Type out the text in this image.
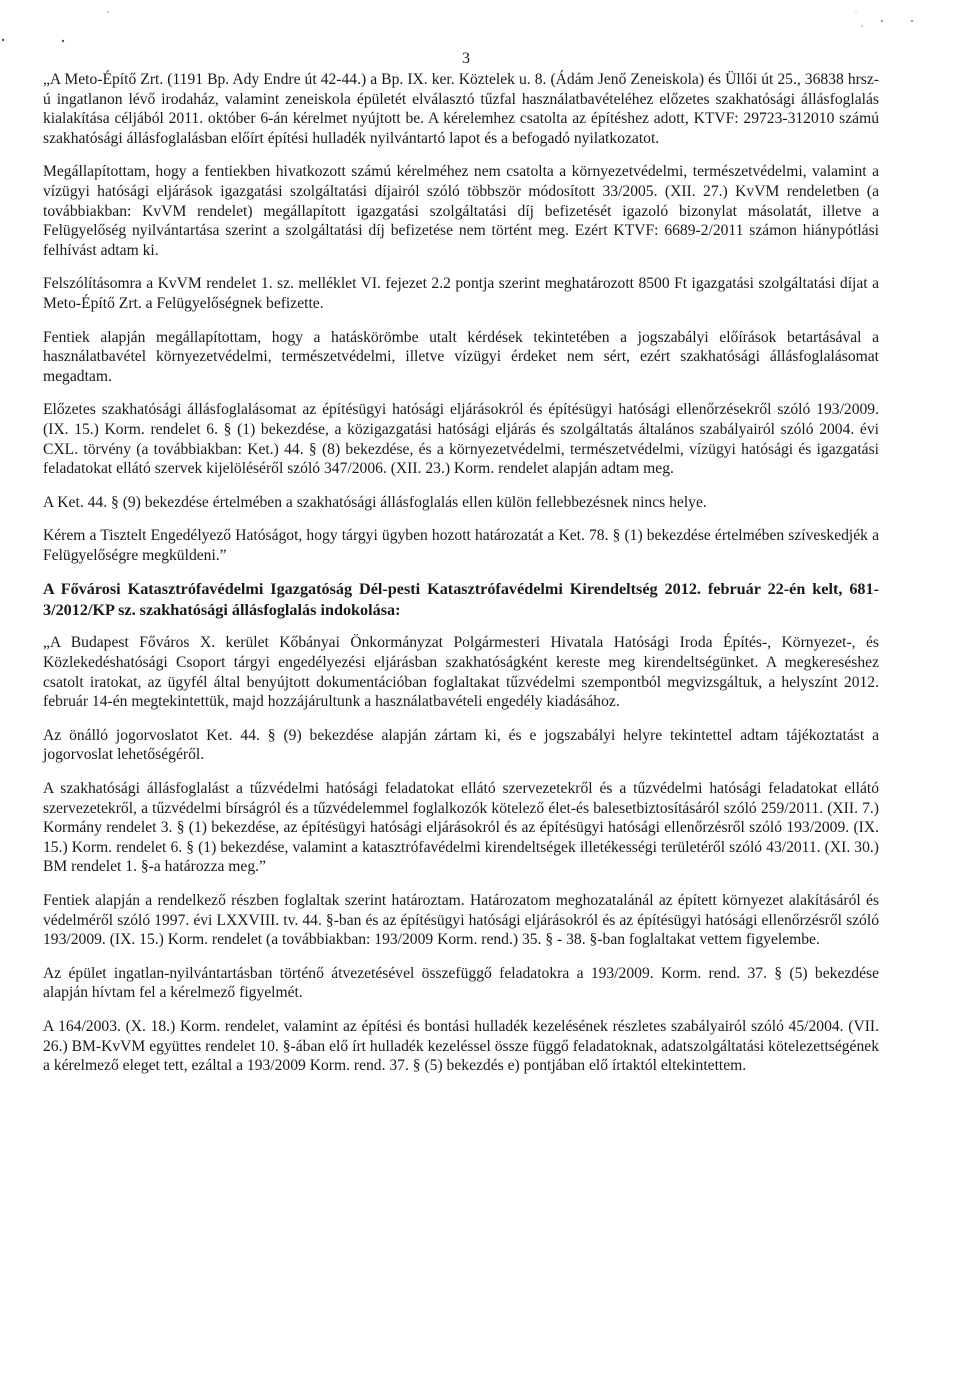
3

„A Meto-Építő Zrt. (1191 Bp. Ady Endre út 42-44.) a Bp. IX. ker. Köztelek u. 8. (Ádám Jenő Zeneiskola) és Üllői út 25., 36838 hrsz-ú ingatlanon lévő irodaház, valamint zeneiskola épületét elválasztó tűzfal használatbavételéhez előzetes szakhatósági állásfoglalás kialakítása céljából 2011. október 6-án kérelmet nyújtott be. A kérelemhez csatolta az építéshez adott, KTVF: 29723-312010 számú szakhatósági állásfoglalásban előírt építési hulladék nyilvántartó lapot és a befogadó nyilatkozatot.

Megállapítottam, hogy a fentiekben hivatkozott számú kérelméhez nem csatolta a környezetvédelmi, természetvédelmi, valamint a vízügyi hatósági eljárások igazgatási szolgáltatási díjairól szóló többször módosított 33/2005. (XII. 27.) KvVM rendeletben (a továbbiakban: KvVM rendelet) megállapított igazgatási szolgáltatási díj befizetését igazoló bizonylat másolatát, illetve a Felügyelőség nyilvántartása szerint a szolgáltatási díj befizetése nem történt meg. Ezért KTVF: 6689-2/2011 számon hiánypótlási felhívást adtam ki.

Felszólításomra a KvVM rendelet 1. sz. melléklet VI. fejezet 2.2 pontja szerint meghatározott 8500 Ft igazgatási szolgáltatási díjat a Meto-Építő Zrt. a Felügyelőségnek befizette.

Fentiek alapján megállapítottam, hogy a hatáskörömbe utalt kérdések tekintetében a jogszabályi előírások betartásával a használatbavétel környezetvédelmi, természetvédelmi, illetve vízügyi érdeket nem sért, ezért szakhatósági állásfoglalásomat megadtam.

Előzetes szakhatósági állásfoglalásomat az építésügyi hatósági eljárásokról és építésügyi hatósági ellenőrzésekről szóló 193/2009. (IX. 15.) Korm. rendelet 6. § (1) bekezdése, a közigazgatási hatósági eljárás és szolgáltatás általános szabályairól szóló 2004. évi CXL. törvény (a továbbiakban: Ket.) 44. § (8) bekezdése, és a környezetvédelmi, természetvédelmi, vízügyi hatósági és igazgatási feladatokat ellátó szervek kijelöléséről szóló 347/2006. (XII. 23.) Korm. rendelet alapján adtam meg.

A Ket. 44. § (9) bekezdése értelmében a szakhatósági állásfoglalás ellen külön fellebbezésnek nincs helye.

Kérem a Tisztelt Engedélyező Hatóságot, hogy tárgyi ügyben hozott határozatát a Ket. 78. § (1) bekezdése értelmében szíveskedjék a Felügyelőségre megküldeni.”

A Fővárosi Katasztrófavédelmi Igazgatóság Dél-pesti Katasztrófavédelmi Kirendeltség 2012. február 22-én kelt, 681-3/2012/KP sz. szakhatósági állásfoglalás indokolása:

„A Budapest Főváros X. kerület Kőbányai Önkormányzat Polgármesteri Hivatala Hatósági Iroda Építés-, Környezet-, és Közlekedéshatósági Csoport tárgyi engedélyezési eljárásban szakhatóságként kereste meg kirendeltségünket. A megkereséshez csatolt iratokat, az ügyfél által benyújtott dokumentációban foglaltakat tűzvédelmi szempontból megvizsgáltuk, a helyszínt 2012. február 14-én megtekintettük, majd hozzájárultunk a használatbavételi engedély kiadásához.

Az önálló jogorvoslatot Ket. 44. § (9) bekezdése alapján zártam ki, és e jogszabályi helyre tekintettel adtam tájékoztatást a jogorvoslat lehetőségéről.

A szakhatósági állásfoglalást a tűzvédelmi hatósági feladatokat ellátó szervezetekről és a tűzvédelmi hatósági feladatokat ellátó szervezetekről, a tűzvédelmi bírságról és a tűzvédelemmel foglalkozók kötelező élet-és balesetbiztosításáról szóló 259/2011. (XII. 7.) Kormány rendelet 3. § (1) bekezdése, az építésügyi hatósági eljárásokról és az építésügyi hatósági ellenőrzésről szóló 193/2009. (IX. 15.) Korm. rendelet 6. § (1) bekezdése, valamint a katasztrófavédelmi kirendeltségek illetékességi területéről szóló 43/2011. (XI. 30.) BM rendelet 1. §-a határozza meg.”

Fentiek alapján a rendelkező részben foglaltak szerint határoztam. Határozatom meghozatalánál az épített környezet alakításáról és védelméről szóló 1997. évi LXXVIII. tv. 44. §-ban és az építésügyi hatósági eljárásokról és az építésügyi hatósági ellenőrzésről szóló 193/2009. (IX. 15.) Korm. rendelet (a továbbiakban: 193/2009 Korm. rend.) 35. § - 38. §-ban foglaltakat vettem figyelembe.

Az épület ingatlan-nyilvántartásban történő átvezetésével összefüggő feladatokra a 193/2009. Korm. rend. 37. § (5) bekezdése alapján hívtam fel a kérelmező figyelmét.

A 164/2003. (X. 18.) Korm. rendelet, valamint az építési és bontási hulladék kezelésének részletes szabályairól szóló 45/2004. (VII. 26.) BM-KvVM együttes rendelet 10. §-ában elő írt hulladék kezeléssel össze függő feladatoknak, adatszolgáltatási kötelezettségének a kérelmező eleget tett, ezáltal a 193/2009 Korm. rend. 37. § (5) bekezdés e) pontjában elő írtaktól eltekintettem.
